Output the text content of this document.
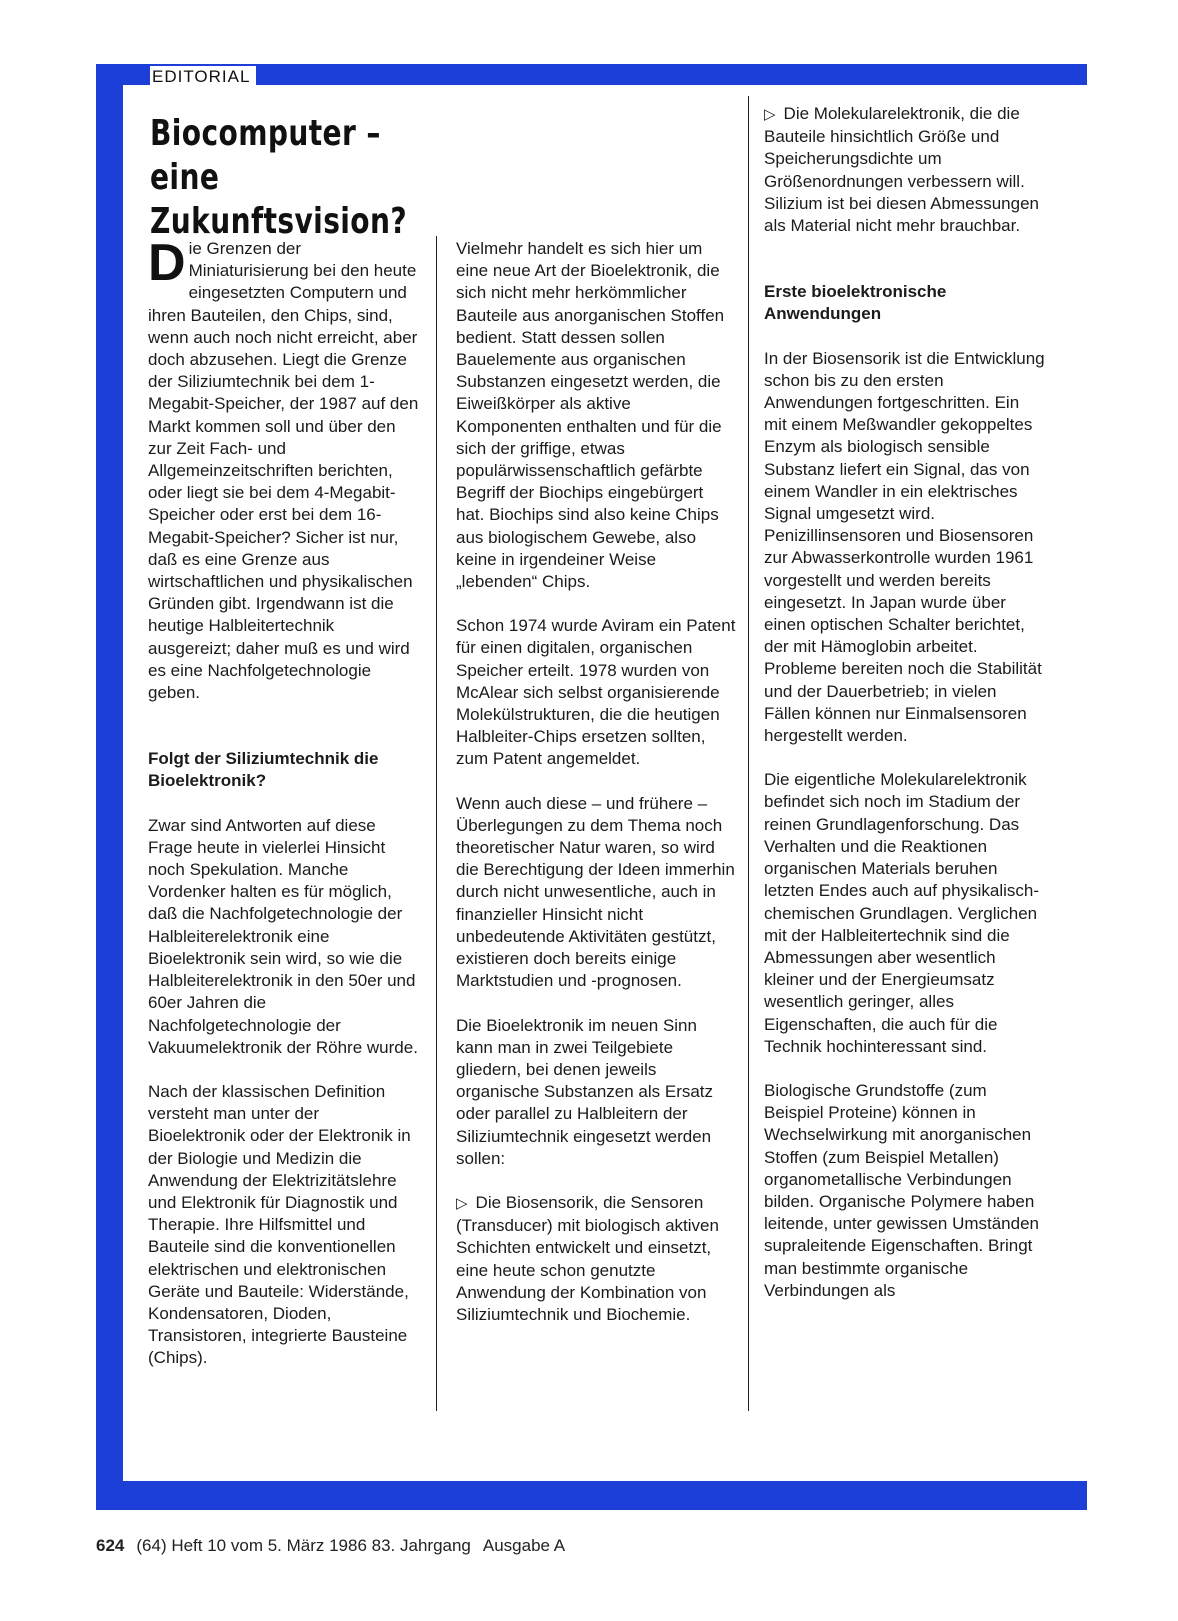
EDITORIAL
Biocomputer –
eine Zukunftsvision?

Die Grenzen der Miniaturisierung bei den heute eingesetzten Computern und ihren Bauteilen, den Chips, sind, wenn auch noch nicht erreicht, aber doch abzusehen. Liegt die Grenze der Siliziumtechnik bei dem 1-Megabit-Speicher, der 1987 auf den Markt kommen soll und über den zur Zeit Fach- und Allgemeinzeitschriften berichten, oder liegt sie bei dem 4-Megabit-Speicher oder erst bei dem 16-Megabit-Speicher? Sicher ist nur, daß es eine Grenze aus wirtschaftlichen und physikalischen Gründen gibt. Irgendwann ist die heutige Halbleitertechnik ausgereizt; daher muß es und wird es eine Nachfolgetechnologie geben.

Folgt der Siliziumtechnik die Bioelektronik?

Zwar sind Antworten auf diese Frage heute in vielerlei Hinsicht noch Spekulation. Manche Vordenker halten es für möglich, daß die Nachfolgetechnologie der Halbleiterelektronik eine Bioelektronik sein wird, so wie die Halbleiterelektronik in den 50er und 60er Jahren die Nachfolgetechnologie der Vakuumelektronik der Röhre wurde.

Nach der klassischen Definition versteht man unter der Bioelektronik oder der Elektronik in der Biologie und Medizin die Anwendung der Elektrizitätslehre und Elektronik für Diagnostik und Therapie. Ihre Hilfsmittel und Bauteile sind die konventionellen elektrischen und elektronischen Geräte und Bauteile: Widerstände, Kondensatoren, Dioden, Transistoren, integrierte Bausteine (Chips).

Vielmehr handelt es sich hier um eine neue Art der Bioelektronik, die sich nicht mehr herkömmlicher Bauteile aus anorganischen Stoffen bedient. Statt dessen sollen Bauelemente aus organischen Substanzen eingesetzt werden, die Eiweißkörper als aktive Komponenten enthalten und für die sich der griffige, etwas populärwissenschaftlich gefärbte Begriff der Biochips eingebürgert hat. Biochips sind also keine Chips aus biologischem Gewebe, also keine in irgendeiner Weise „lebenden“ Chips.

Schon 1974 wurde Aviram ein Patent für einen digitalen, organischen Speicher erteilt. 1978 wurden von McAlear sich selbst organisierende Molekülstrukturen, die die heutigen Halbleiter-Chips ersetzen sollten, zum Patent angemeldet.

Wenn auch diese – und frühere – Überlegungen zu dem Thema noch theoretischer Natur waren, so wird die Berechtigung der Ideen immerhin durch nicht unwesentliche, auch in finanzieller Hinsicht nicht unbedeutende Aktivitäten gestützt, existieren doch bereits einige Marktstudien und -prognosen.

Die Bioelektronik im neuen Sinn kann man in zwei Teilgebiete gliedern, bei denen jeweils organische Substanzen als Ersatz oder parallel zu Halbleitern der Siliziumtechnik eingesetzt werden sollen:

▷ Die Biosensorik, die Sensoren (Transducer) mit biologisch aktiven Schichten entwickelt und einsetzt, eine heute schon genutzte Anwendung der Kombination von Siliziumtechnik und Biochemie.

▷ Die Molekularelektronik, die die Bauteile hinsichtlich Größe und Speicherungsdichte um Größenordnungen verbessern will. Silizium ist bei diesen Abmessungen als Material nicht mehr brauchbar.

Erste bioelektronische Anwendungen

In der Biosensorik ist die Entwicklung schon bis zu den ersten Anwendungen fortgeschritten. Ein mit einem Meßwandler gekoppeltes Enzym als biologisch sensible Substanz liefert ein Signal, das von einem Wandler in ein elektrisches Signal umgesetzt wird. Penizillinsensoren und Biosensoren zur Abwasserkontrolle wurden 1961 vorgestellt und werden bereits eingesetzt. In Japan wurde über einen optischen Schalter berichtet, der mit Hämoglobin arbeitet. Probleme bereiten noch die Stabilität und der Dauerbetrieb; in vielen Fällen können nur Einmalsensoren hergestellt werden.

Die eigentliche Molekularelektronik befindet sich noch im Stadium der reinen Grundlagenforschung. Das Verhalten und die Reaktionen organischen Materials beruhen letzten Endes auch auf physikalisch-chemischen Grundlagen. Verglichen mit der Halbleitertechnik sind die Abmessungen aber wesentlich kleiner und der Energieumsatz wesentlich geringer, alles Eigenschaften, die auch für die Technik hochinteressant sind.

Biologische Grundstoffe (zum Beispiel Proteine) können in Wechselwirkung mit anorganischen Stoffen (zum Beispiel Metallen) organometallische Verbindungen bilden. Organische Polymere haben leitende, unter gewissen Umständen supraleitende Eigenschaften. Bringt man bestimmte organische Verbindungen als

624 (64) Heft 10 vom 5. März 1986 83. Jahrgang Ausgabe A
